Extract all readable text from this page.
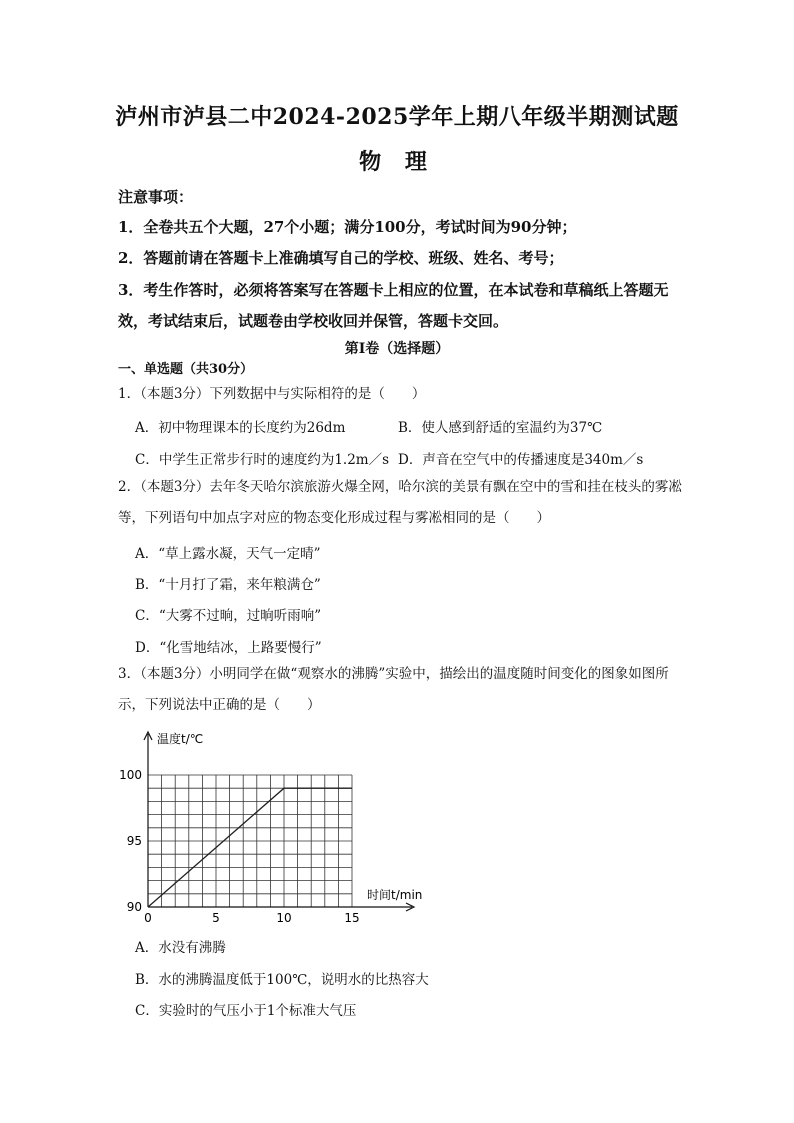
泸州市泸县二中2024-2025学年上期八年级半期测试题
物 理
注意事项：
1．全卷共五个大题，27个小题；满分100分，考试时间为90分钟；
2．答题前请在答题卡上准确填写自己的学校、班级、姓名、考号；
3．考生作答时，必须将答案写在答题卡上相应的位置，在本试卷和草稿纸上答题无效，考试结束后，试题卷由学校收回并保管，答题卡交回。
第Ⅰ卷（选择题）
一、单选题（共30分）
1．（本题3分）下列数据中与实际相符的是（　　）
A．初中物理课本的长度约为26dm	B．使人感到舒适的室温约为37℃
C．中学生正常步行时的速度约为1.2m／s D．声音在空气中的传播速度是340m／s
2．（本题3分）去年冬天哈尔滨旅游火爆全网，哈尔滨的美景有飘在空中的雪和挂在枝头的雾凇等，下列语句中加点字对应的物态变化形成过程与雾凇相同的是（　　）
A．“草上露水凝，天气一定晴”
B．“十月打了霜，来年粮满仓”
C．“大雾不过晌，过晌听雨响”
D．“化雪地结冰，上路要慢行”
3．（本题3分）小明同学在做“观察水的沸腾”实验中，描绘出的温度随时间变化的图象如图所示，下列说法中正确的是（　　）
0	5	10	15
90
95
100
温度t/℃
时间t/min
A．水没有沸腾
B．水的沸腾温度低于100℃，说明水的比热容大
C．实验时的气压小于1个标准大气压
